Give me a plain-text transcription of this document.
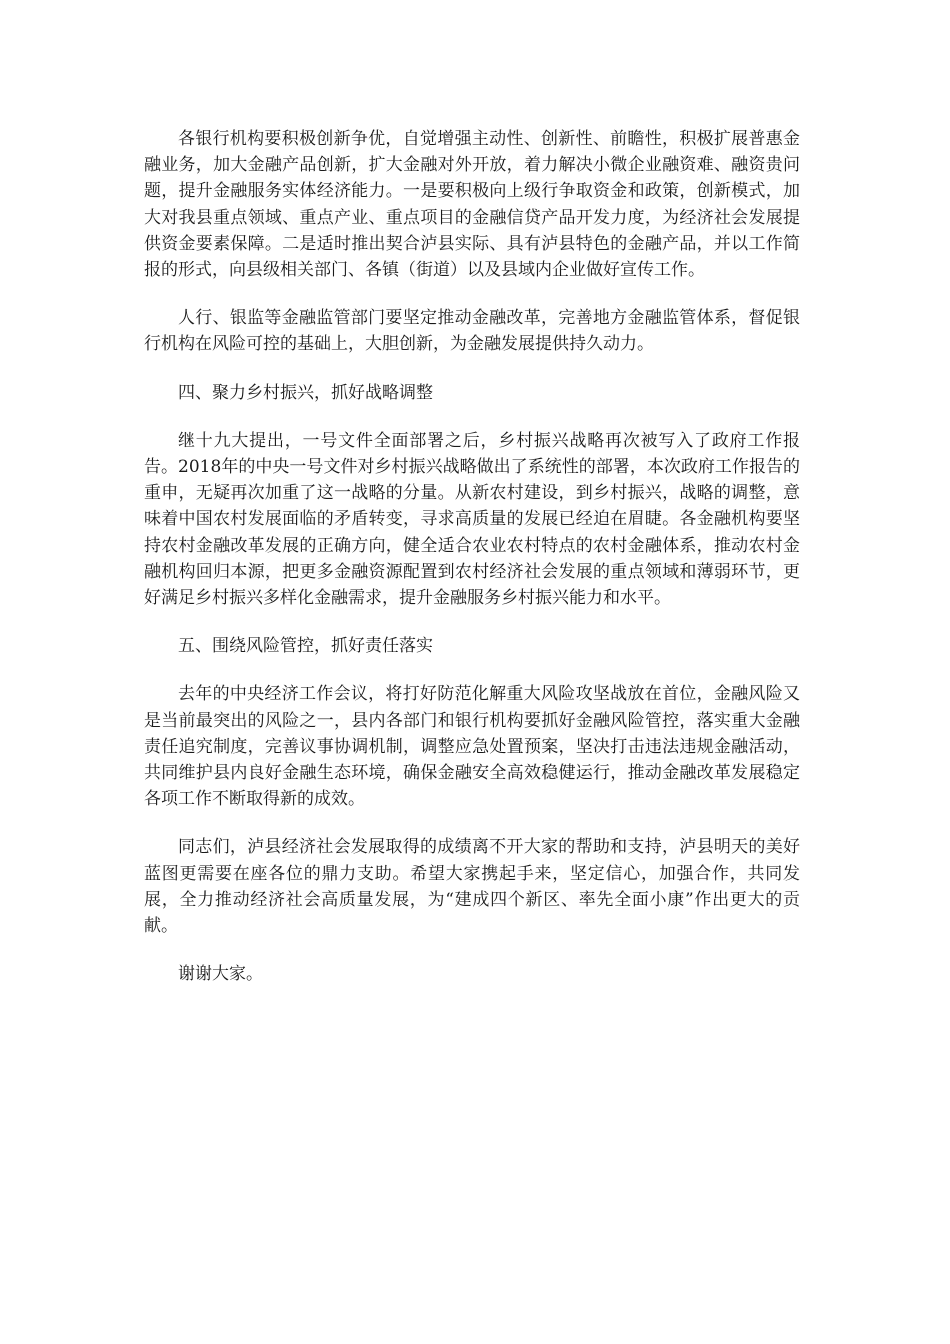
各银行机构要积极创新争优，自觉增强主动性、创新性、前瞻性，积极扩展普惠金融业务，加大金融产品创新，扩大金融对外开放，着力解决小微企业融资难、融资贵问题，提升金融服务实体经济能力。一是要积极向上级行争取资金和政策，创新模式，加大对我县重点领域、重点产业、重点项目的金融信贷产品开发力度，为经济社会发展提供资金要素保障。二是适时推出契合泸县实际、具有泸县特色的金融产品，并以工作简报的形式，向县级相关部门、各镇（街道）以及县域内企业做好宣传工作。

人行、银监等金融监管部门要坚定推动金融改革，完善地方金融监管体系，督促银行机构在风险可控的基础上，大胆创新，为金融发展提供持久动力。

四、聚力乡村振兴，抓好战略调整

继十九大提出，一号文件全面部署之后，乡村振兴战略再次被写入了政府工作报告。2018年的中央一号文件对乡村振兴战略做出了系统性的部署，本次政府工作报告的重申，无疑再次加重了这一战略的分量。从新农村建设，到乡村振兴，战略的调整，意味着中国农村发展面临的矛盾转变，寻求高质量的发展已经迫在眉睫。各金融机构要坚持农村金融改革发展的正确方向，健全适合农业农村特点的农村金融体系，推动农村金融机构回归本源，把更多金融资源配置到农村经济社会发展的重点领域和薄弱环节，更好满足乡村振兴多样化金融需求，提升金融服务乡村振兴能力和水平。

五、围绕风险管控，抓好责任落实

去年的中央经济工作会议，将打好防范化解重大风险攻坚战放在首位，金融风险又是当前最突出的风险之一，县内各部门和银行机构要抓好金融风险管控，落实重大金融责任追究制度，完善议事协调机制，调整应急处置预案，坚决打击违法违规金融活动，共同维护县内良好金融生态环境，确保金融安全高效稳健运行，推动金融改革发展稳定各项工作不断取得新的成效。

同志们，泸县经济社会发展取得的成绩离不开大家的帮助和支持，泸县明天的美好蓝图更需要在座各位的鼎力支助。希望大家携起手来，坚定信心，加强合作，共同发展，全力推动经济社会高质量发展，为“建成四个新区、率先全面小康”作出更大的贡献。

谢谢大家。
